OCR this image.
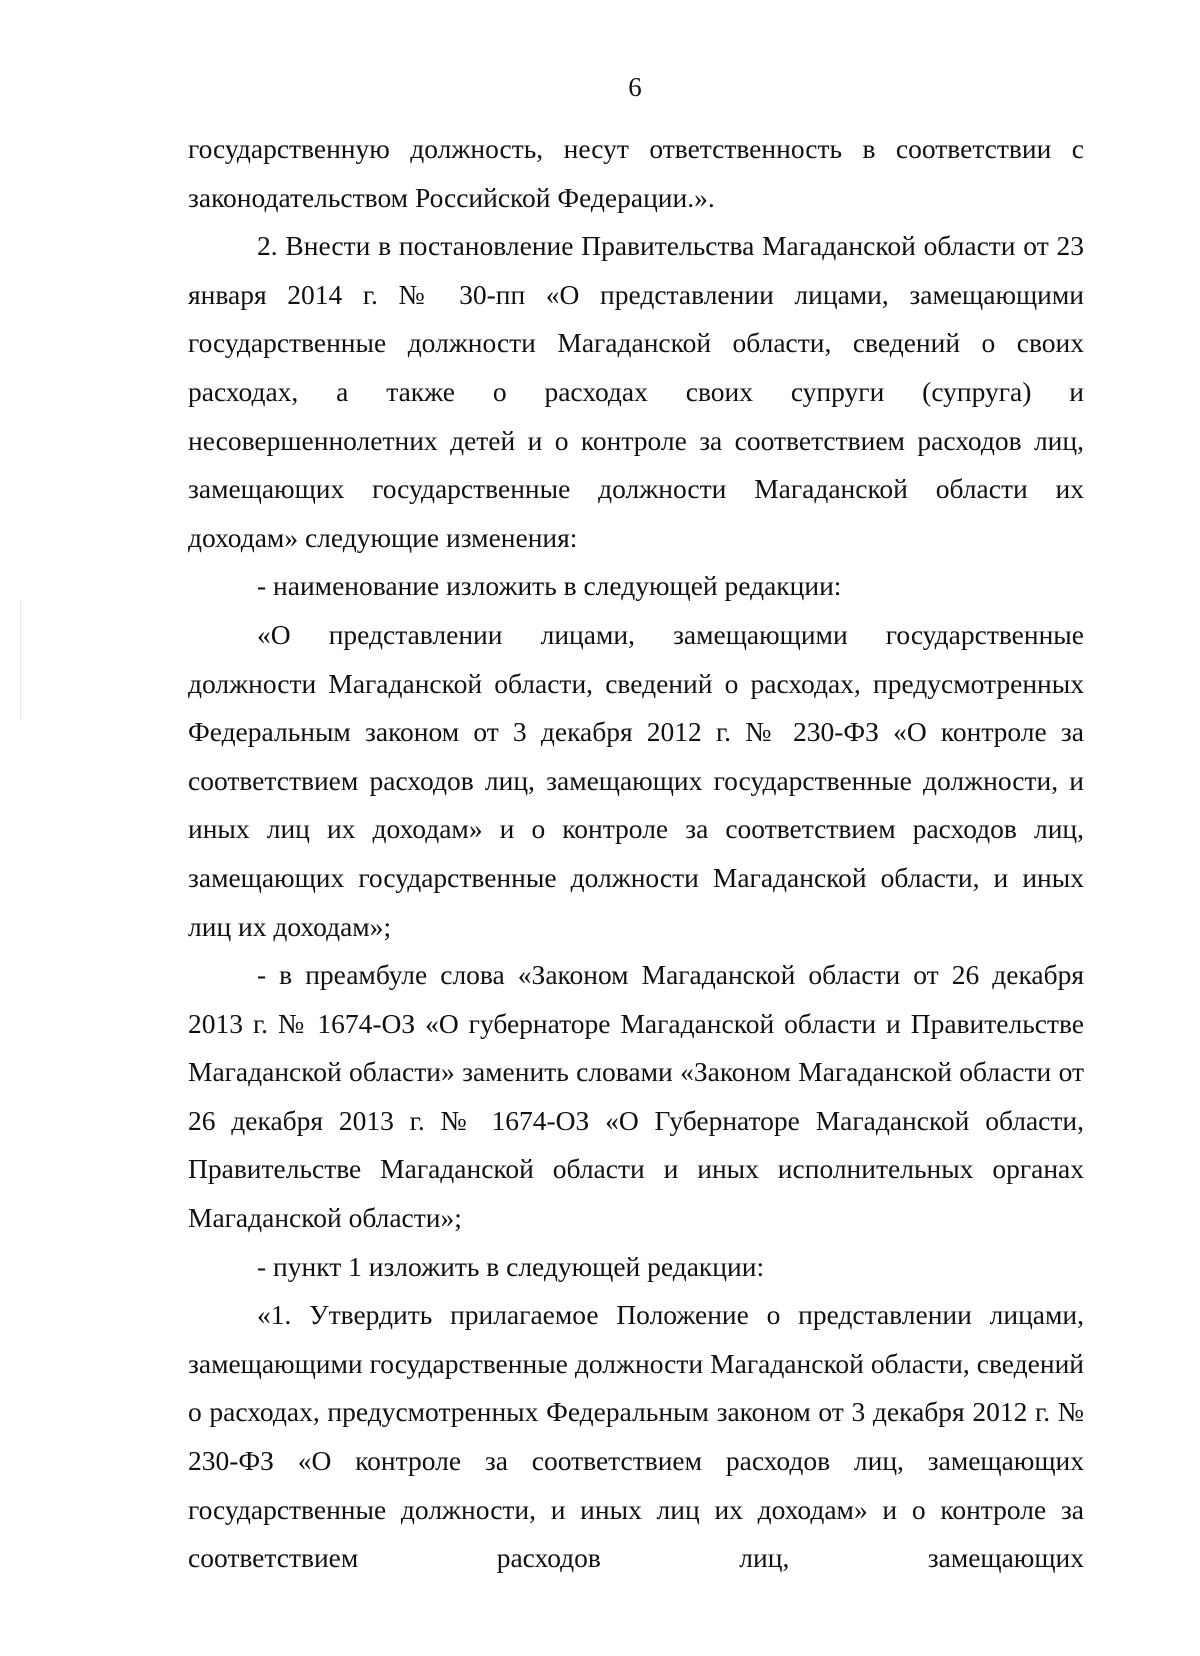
6

государственную должность, несут ответственность в соответствии с законодательством Российской Федерации.».

2. Внести в постановление Правительства Магаданской области от 23 января 2014 г. № 30-пп «О представлении лицами, замещающими государственные должности Магаданской области, сведений о своих расходах, а также о расходах своих супруги (супруга) и несовершеннолетних детей и о контроле за соответствием расходов лиц, замещающих государственные должности Магаданской области их доходам» следующие изменения:

- наименование изложить в следующей редакции:

«О представлении лицами, замещающими государственные должности Магаданской области, сведений о расходах, предусмотренных Федеральным законом от 3 декабря 2012 г. № 230-ФЗ «О контроле за соответствием расходов лиц, замещающих государственные должности, и иных лиц их доходам» и о контроле за соответствием расходов лиц, замещающих государственные должности Магаданской области, и иных лиц их доходам»;

- в преамбуле слова «Законом Магаданской области от 26 декабря 2013 г. № 1674-ОЗ «О губернаторе Магаданской области и Правительстве Магаданской области» заменить словами «Законом Магаданской области от 26 декабря 2013 г. № 1674-ОЗ «О Губернаторе Магаданской области, Правительстве Магаданской области и иных исполнительных органах Магаданской области»;

- пункт 1 изложить в следующей редакции:

«1. Утвердить прилагаемое Положение о представлении лицами, замещающими государственные должности Магаданской области, сведений о расходах, предусмотренных Федеральным законом от 3 декабря 2012 г. № 230-ФЗ «О контроле за соответствием расходов лиц, замещающих государственные должности, и иных лиц их доходам» и о контроле за соответствием расходов лиц, замещающих
